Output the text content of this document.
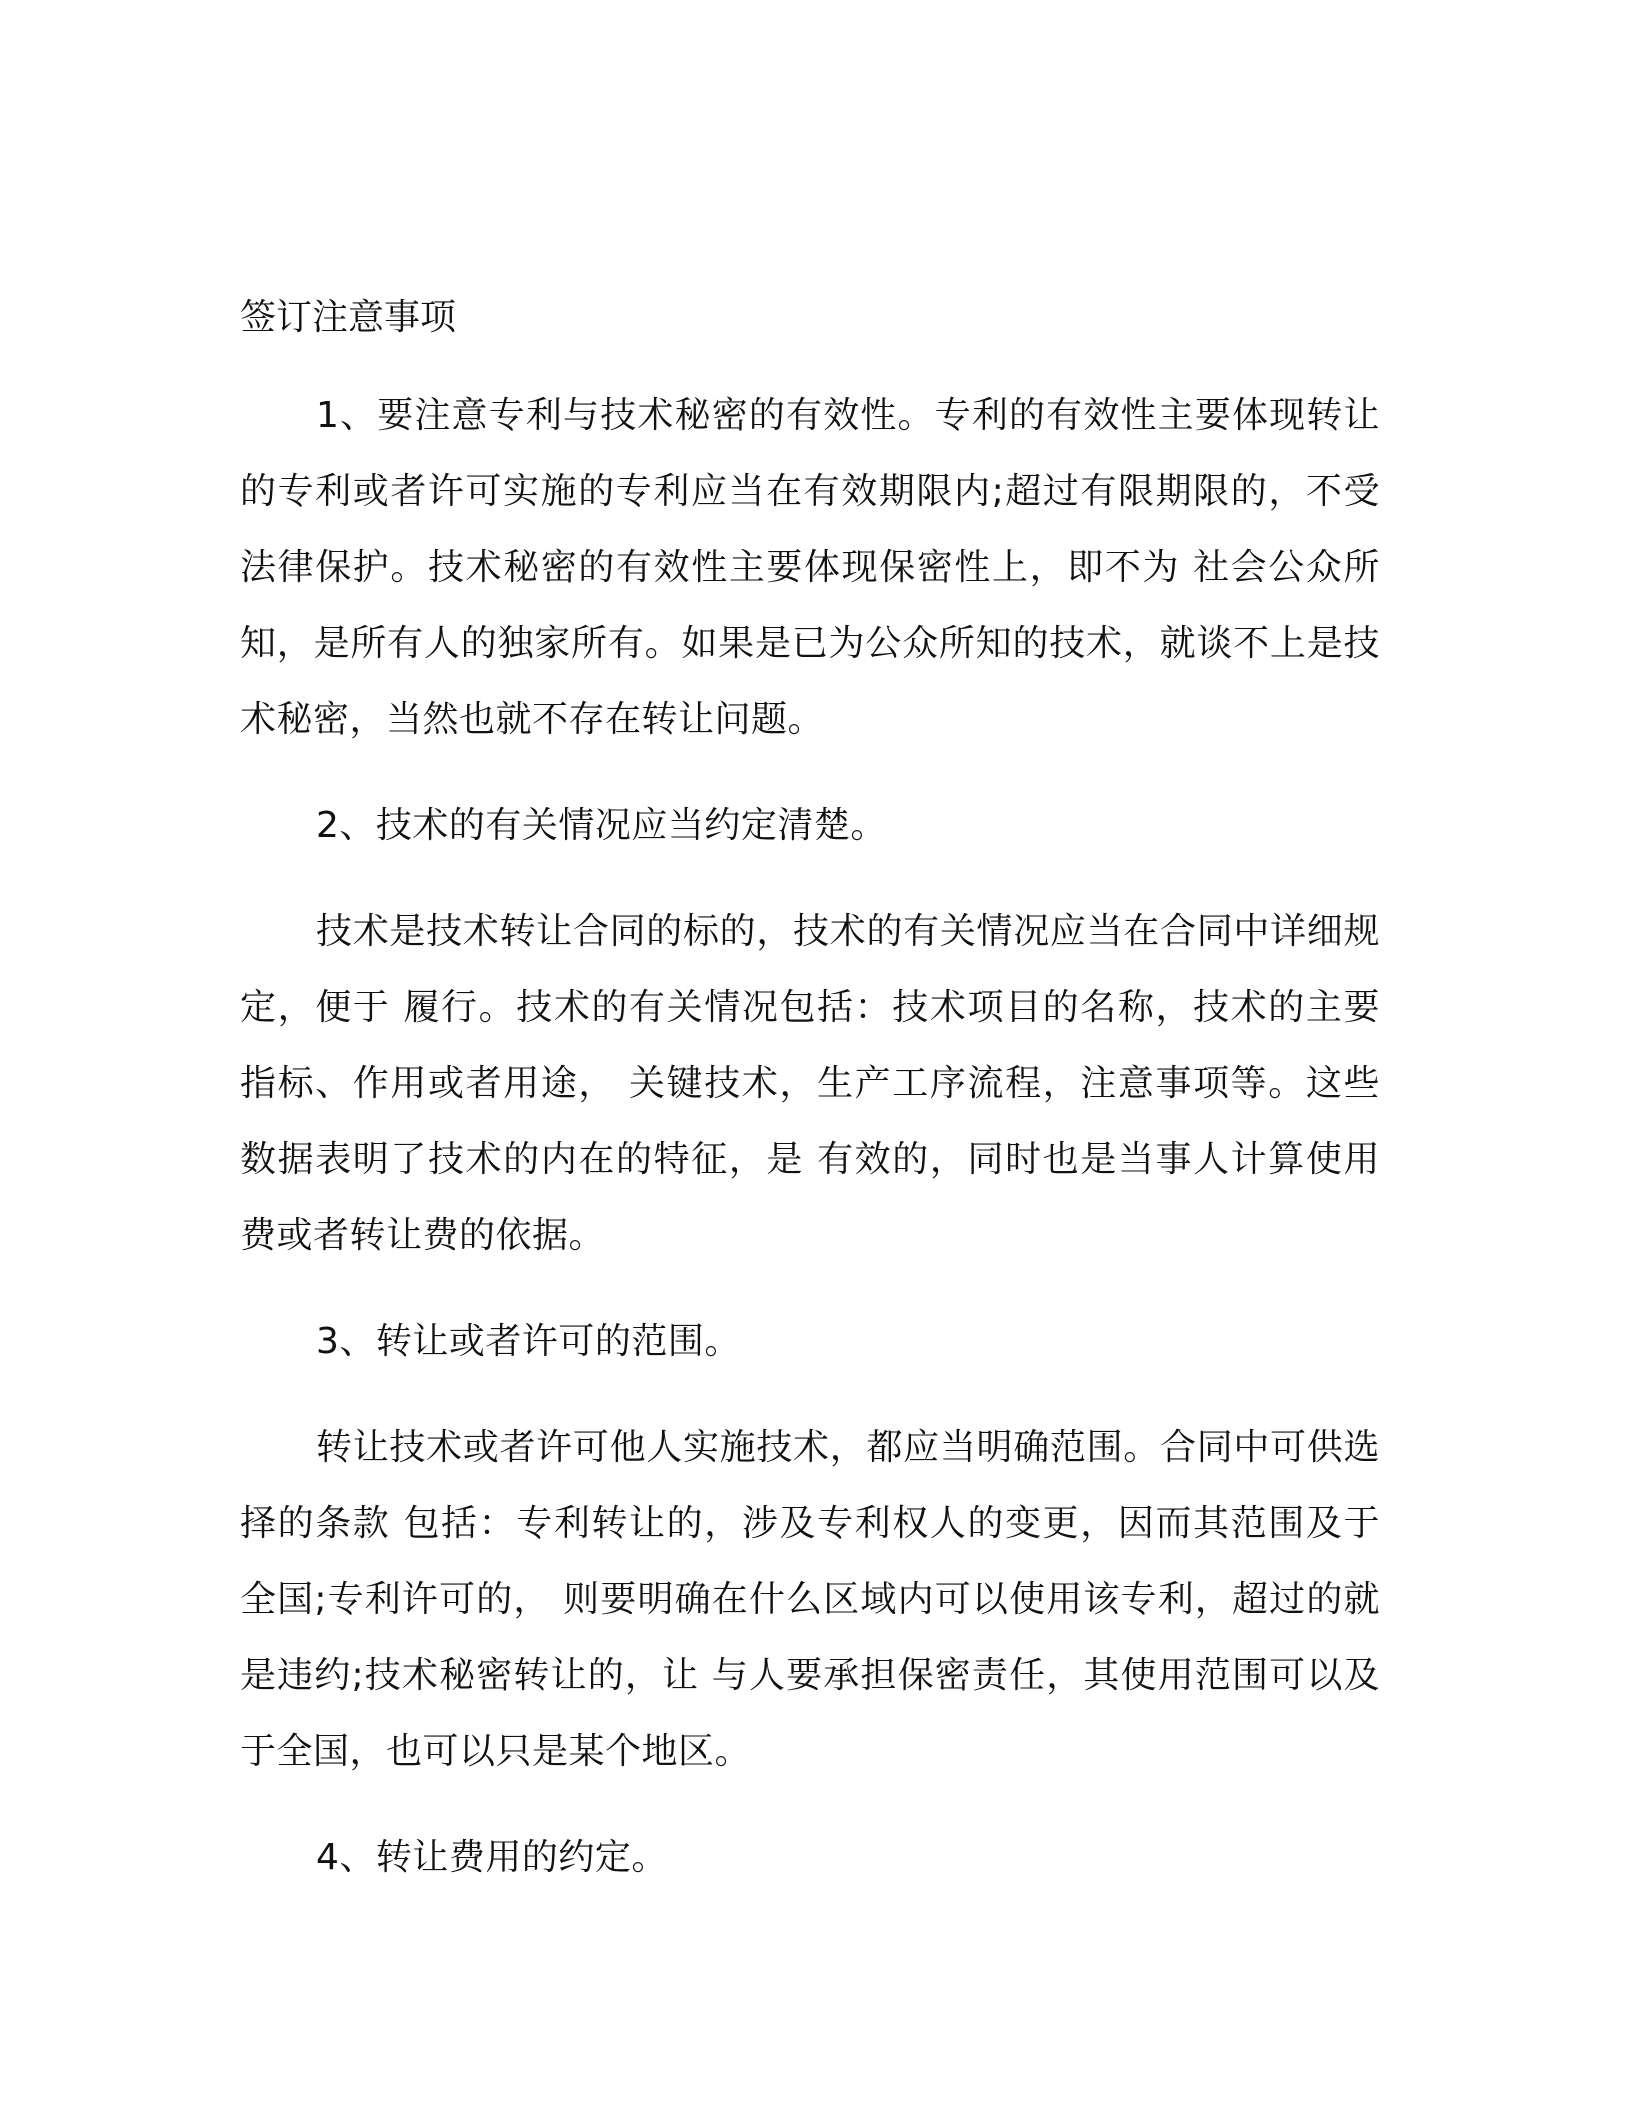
签订注意事项

1、要注意专利与技术秘密的有效性。专利的有效性主要体现转让的专利或者许可实施的专利应当在有效期限内;超过有限期限的，不受法律保护。技术秘密的有效性主要体现保密性上，即不为 社会公众所知，是所有人的独家所有。如果是已为公众所知的技术，就谈不上是技术秘密，当然也就不存在转让问题。

2、技术的有关情况应当约定清楚。

技术是技术转让合同的标的，技术的有关情况应当在合同中详细规定，便于 履行。技术的有关情况包括：技术项目的名称，技术的主要指标、作用或者用途， 关键技术，生产工序流程，注意事项等。这些数据表明了技术的内在的特征，是 有效的，同时也是当事人计算使用费或者转让费的依据。

3、转让或者许可的范围。

转让技术或者许可他人实施技术，都应当明确范围。合同中可供选择的条款 包括：专利转让的，涉及专利权人的变更，因而其范围及于全国;专利许可的， 则要明确在什么区域内可以使用该专利，超过的就是违约;技术秘密转让的，让 与人要承担保密责任，其使用范围可以及于全国，也可以只是某个地区。

4、转让费用的约定。
